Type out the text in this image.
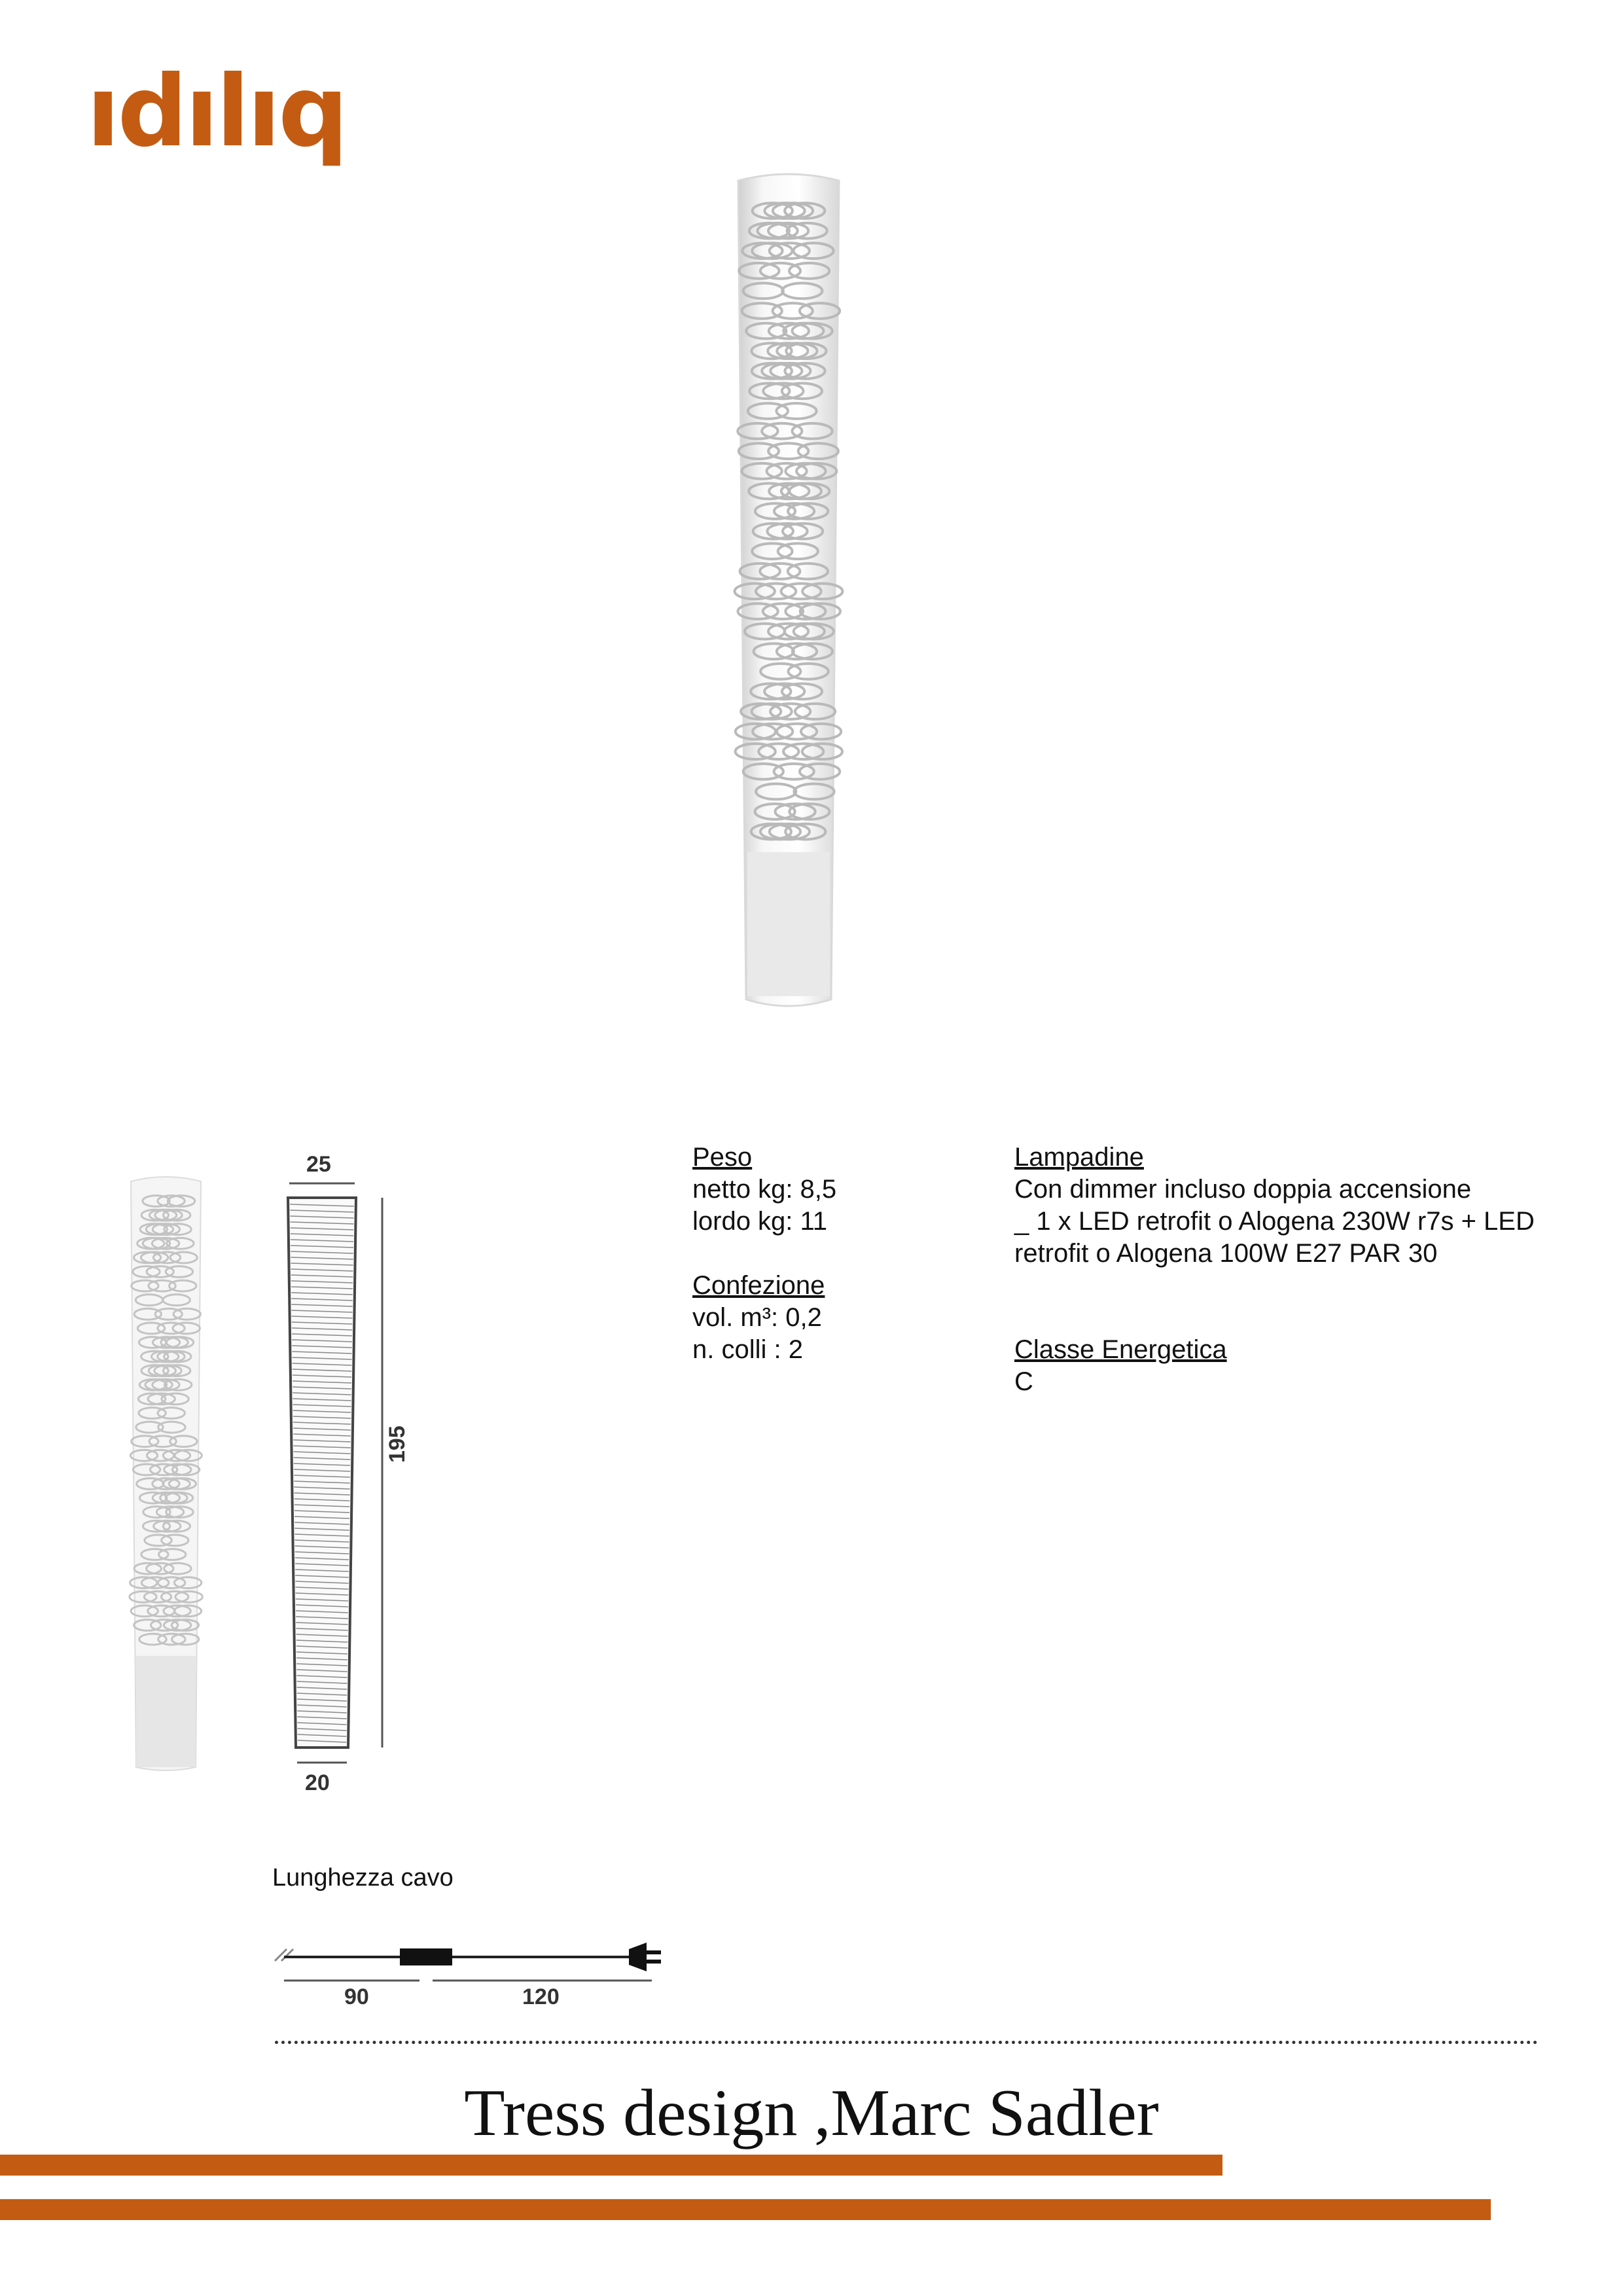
ıdılıq
25
20
195
Peso
netto kg: 8,5
lordo kg: 11
Confezione
vol. m³: 0,2
n. colli : 2
Lampadine
Con dimmer incluso doppia accensione
_ 1 x LED retrofit o Alogena 230W r7s + LED
retrofit o Alogena 100W E27 PAR 30
Classe Energetica
C
Lunghezza cavo
90	120
Tress design ,Marc Sadler
